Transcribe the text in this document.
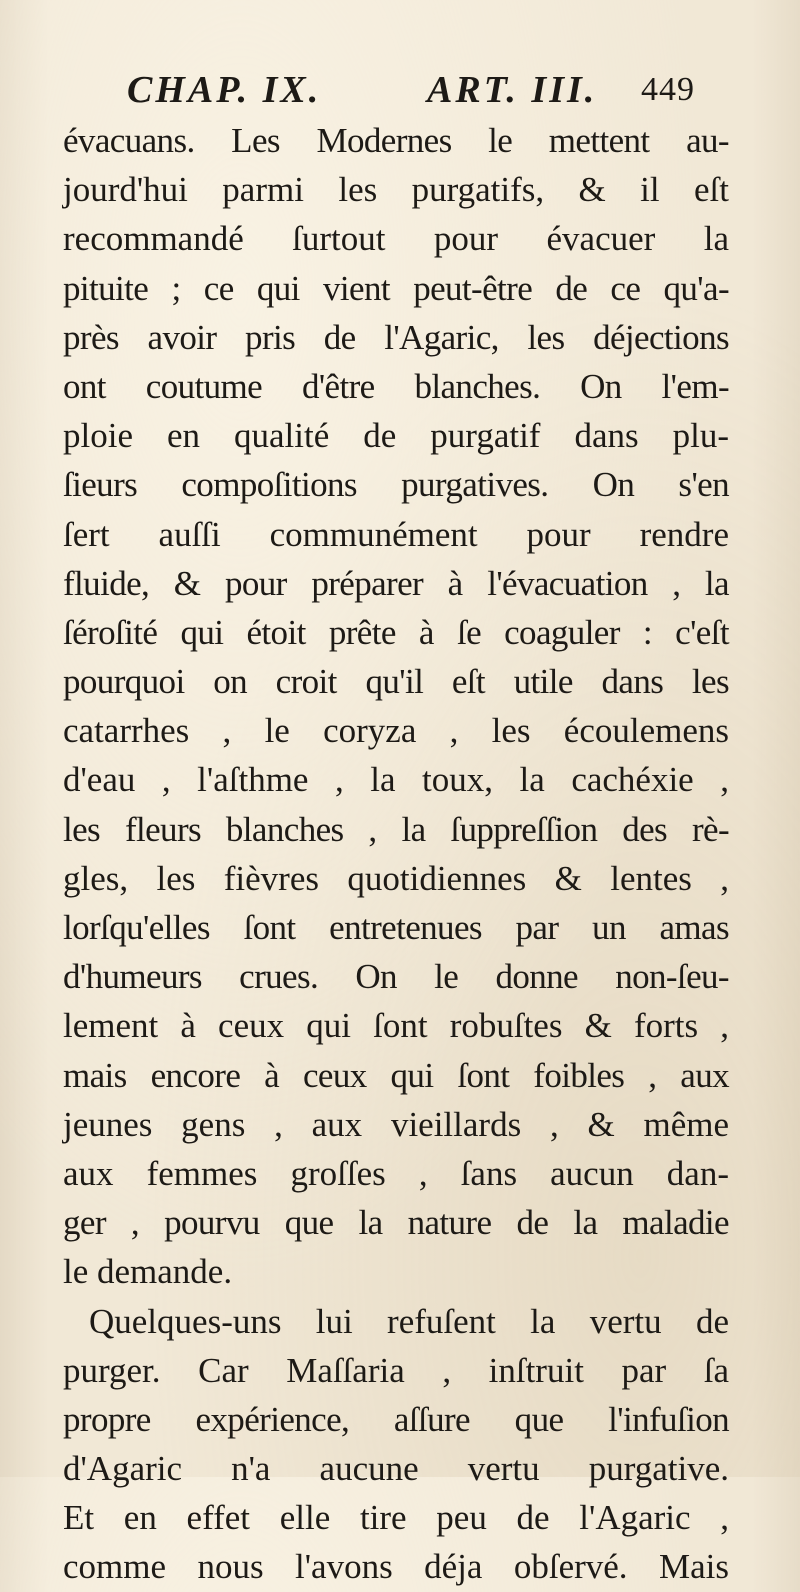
CHAP. IX.	ART. III. 449
évacuans. Les Modernes le mettent au-
jourd'hui parmi les purgatifs, & il eſt
recommandé ſurtout pour évacuer la
pituite ; ce qui vient peut-être de ce qu'a-
près avoir pris de l'Agaric, les déjections
ont coutume d'être blanches. On l'em-
ploie en qualité de purgatif dans plu-
ſieurs compoſitions purgatives. On s'en
ſert auſſi communément pour rendre
fluide, & pour préparer à l'évacuation , la
ſéroſité qui étoit prête à ſe coaguler : c'eſt
pourquoi on croit qu'il eſt utile dans les
catarrhes , le coryza , les écoulemens
d'eau , l'aſthme , la toux, la cachéxie ,
les fleurs blanches , la ſuppreſſion des rè-
gles, les fièvres quotidiennes & lentes ,
lorſqu'elles ſont entretenues par un amas
d'humeurs crues. On le donne non-ſeu-
lement à ceux qui ſont robuſtes & forts ,
mais encore à ceux qui ſont foibles , aux
jeunes gens , aux vieillards , & même
aux femmes groſſes , ſans aucun dan-
ger , pourvu que la nature de la maladie
le demande.
Quelques-uns lui refuſent la vertu de
purger. Car Maſſaria , inſtruit par ſa
propre expérience, aſſure que l'infuſion
d'Agaric n'a aucune vertu purgative.
Et en effet elle tire peu de l'Agaric ,
comme nous l'avons déja obſervé. Mais
